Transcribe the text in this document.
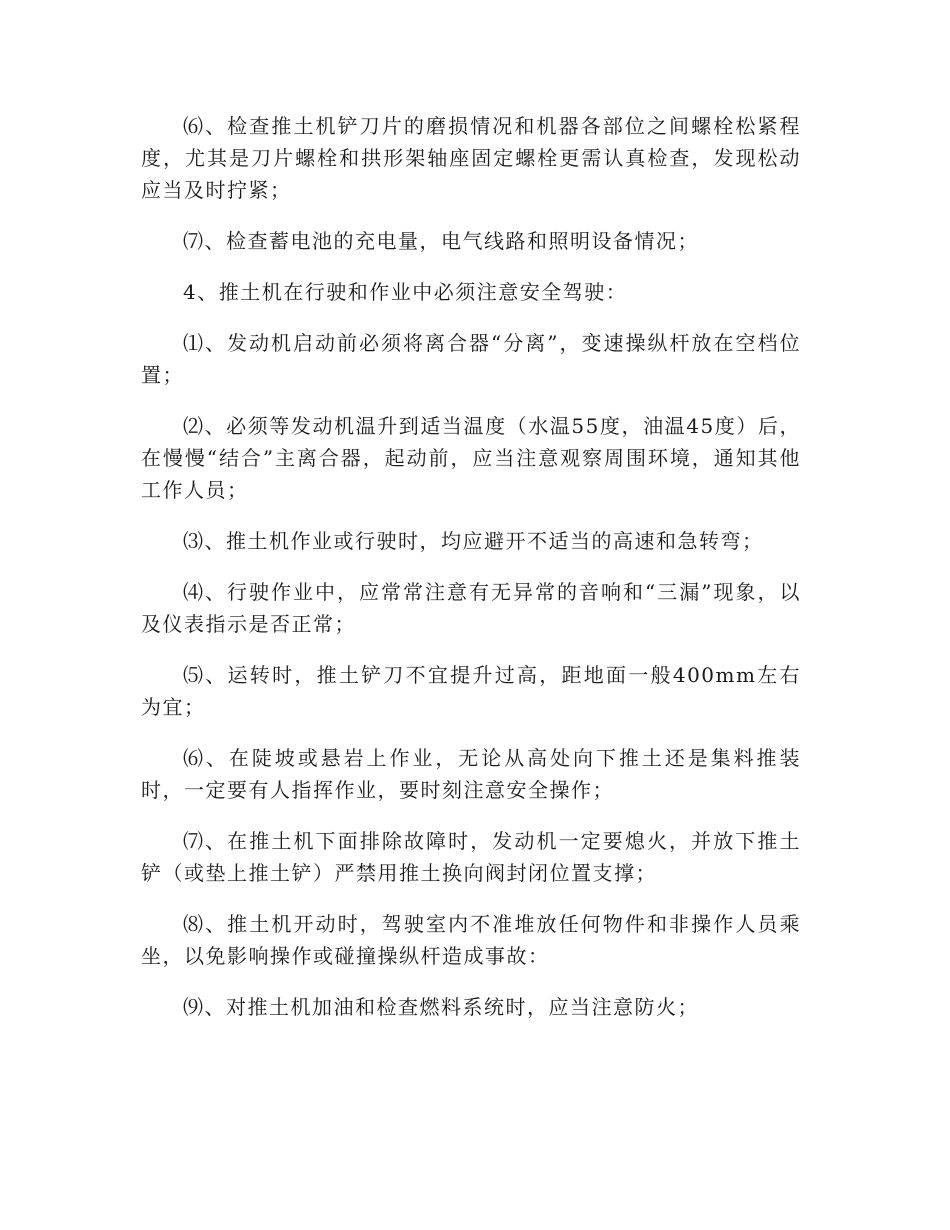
⑹、检查推土机铲刀片的磨损情况和机器各部位之间螺栓松紧程度，尤其是刀片螺栓和拱形架轴座固定螺栓更需认真检查，发现松动应当及时拧紧；

⑺、检查蓄电池的充电量，电气线路和照明设备情况；

4、推土机在行驶和作业中必须注意安全驾驶：

⑴、发动机启动前必须将离合器“分离”，变速操纵杆放在空档位置；

⑵、必须等发动机温升到适当温度（水温55度，油温45度）后，在慢慢“结合”主离合器，起动前，应当注意观察周围环境，通知其他工作人员；

⑶、推土机作业或行驶时，均应避开不适当的高速和急转弯；

⑷、行驶作业中，应常常注意有无异常的音响和“三漏”现象，以及仪表指示是否正常；

⑸、运转时，推土铲刀不宜提升过高，距地面一般400mm左右为宜；

⑹、在陡坡或悬岩上作业，无论从高处向下推土还是集料推装时，一定要有人指挥作业，要时刻注意安全操作；

⑺、在推土机下面排除故障时，发动机一定要熄火，并放下推土铲（或垫上推土铲）严禁用推土换向阀封闭位置支撑；

⑻、推土机开动时，驾驶室内不准堆放任何物件和非操作人员乘坐，以免影响操作或碰撞操纵杆造成事故：

⑼、对推土机加油和检查燃料系统时，应当注意防火；
